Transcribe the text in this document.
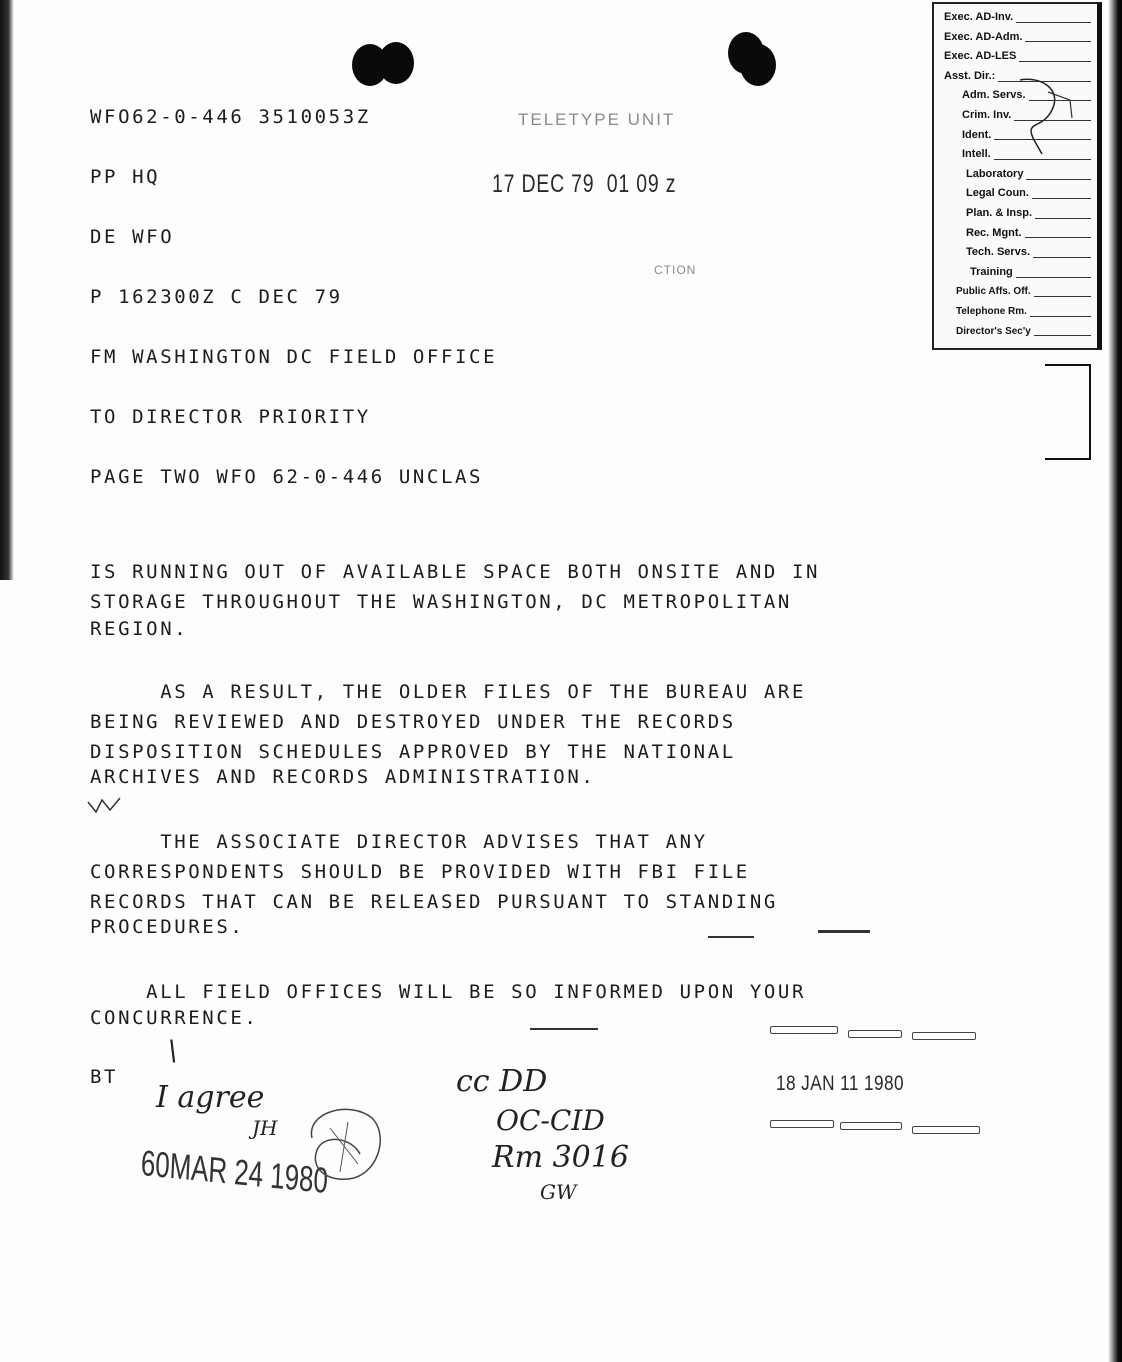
WFO62-0-446 3510053Z
PP HQ
DE WFO
P 162300Z C DEC 79
FM WASHINGTON DC FIELD OFFICE
TO DIRECTOR PRIORITY
PAGE TWO WFO 62-0-446 UNCLAS
TELETYPE UNIT
17 DEC 79  01 09 z
CTION
IS RUNNING OUT OF AVAILABLE SPACE BOTH ONSITE AND IN
STORAGE THROUGHOUT THE WASHINGTON, DC METROPOLITAN
REGION.
AS A RESULT, THE OLDER FILES OF THE BUREAU ARE
BEING REVIEWED AND DESTROYED UNDER THE RECORDS
DISPOSITION SCHEDULES APPROVED BY THE NATIONAL
ARCHIVES AND RECORDS ADMINISTRATION.
THE ASSOCIATE DIRECTOR ADVISES THAT ANY
CORRESPONDENTS SHOULD BE PROVIDED WITH FBI FILE
RECORDS THAT CAN BE RELEASED PURSUANT TO STANDING
PROCEDURES.
ALL FIELD OFFICES WILL BE SO INFORMED UPON YOUR
CONCURRENCE.
BT
Exec. AD-Inv.
Exec. AD-Adm.
Exec. AD-LES
Asst. Dir.:
Adm. Servs.
Crim. Inv.
Ident.
Intell.
Laboratory
Legal Coun.
Plan. & Insp.
Rec. Mgnt.
Tech. Servs.
Training
Public Affs. Off.
Telephone Rm.
Director's Sec'y
18 JAN 11 1980
60MAR 24 1980
\
I agree
JH
cc DD
OC-CID
Rm 3016
GW
